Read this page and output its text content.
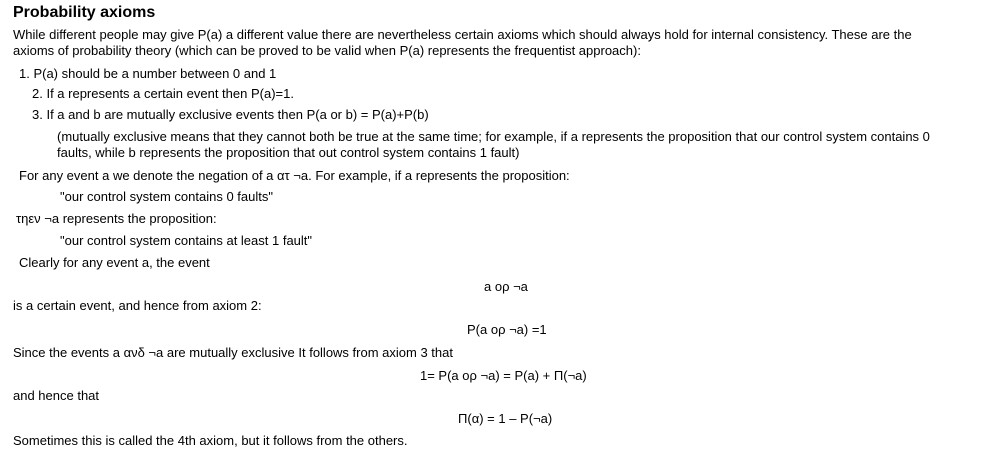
Probability axioms
While different people may give P(a) a different value there are nevertheless certain axioms which should always hold for internal consistency. These are the
axioms of probability theory (which can be proved to be valid when P(a) represents the frequentist approach):
1. P(a) should be a number between 0 and 1
2. If a represents a certain event then P(a)=1.
3. If a and b are mutually exclusive events then P(a or b) = P(a)+P(b)
(mutually exclusive means that they cannot both be true at the same time; for example, if a represents the proposition that our control system contains 0
faults, while b represents the proposition that out control system contains 1 fault)
For any event a we denote the negation of a ατ ¬a. For example, if a represents the proposition:
"our control system contains 0 faults"
τηεν ¬a represents the proposition:
"our control system contains at least 1 fault"
Clearly for any event a, the event
a ορ ¬a
is a certain event, and hence from axiom 2:
P(a ορ ¬a) =1
Since the events a ανδ ¬a are mutually exclusive It follows from axiom 3 that
1= P(a ορ ¬a) = P(a) + Π(¬a)
and hence that
Π(α) = 1 – P(¬a)
Sometimes this is called the 4th axiom, but it follows from the others.
